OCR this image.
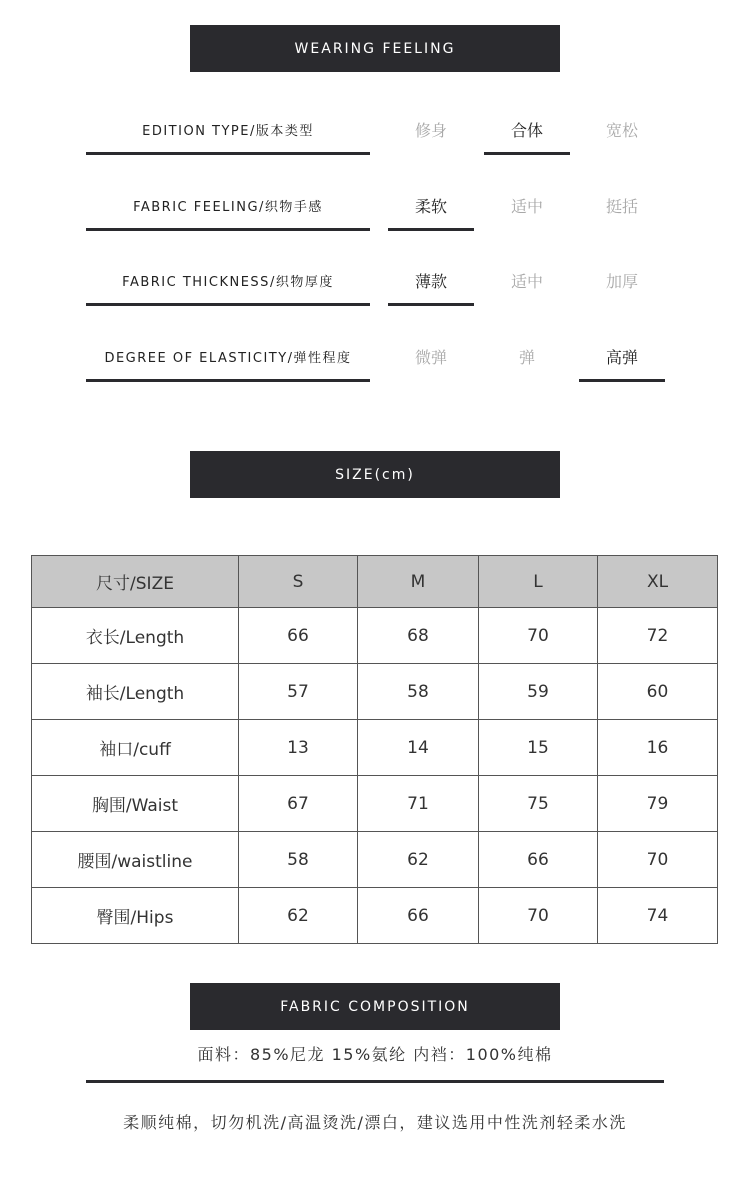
WEARING FEELING
EDITION TYPE/版本类型	修身	合体	宽松
FABRIC FEELING/织物手感	柔软	适中	挺括
FABRIC THICKNESS/织物厚度	薄款	适中	加厚
DEGREE OF ELASTICITY/弹性程度	微弹	弹	高弹
SIZE(cm)
尺寸/SIZE	S	M	L	XL
衣长/Length	66	68	70	72
袖长/Length	57	58	59	60
袖口/cuff	13	14	15	16
胸围/Waist	67	71	75	79
腰围/waistline	58	62	66	70
臀围/Hips	62	66	70	74
FABRIC COMPOSITION
面料：85%尼龙 15%氨纶 内裆：100%纯棉
柔顺纯棉，切勿机洗/高温烫洗/漂白，建议选用中性洗剂轻柔水洗
